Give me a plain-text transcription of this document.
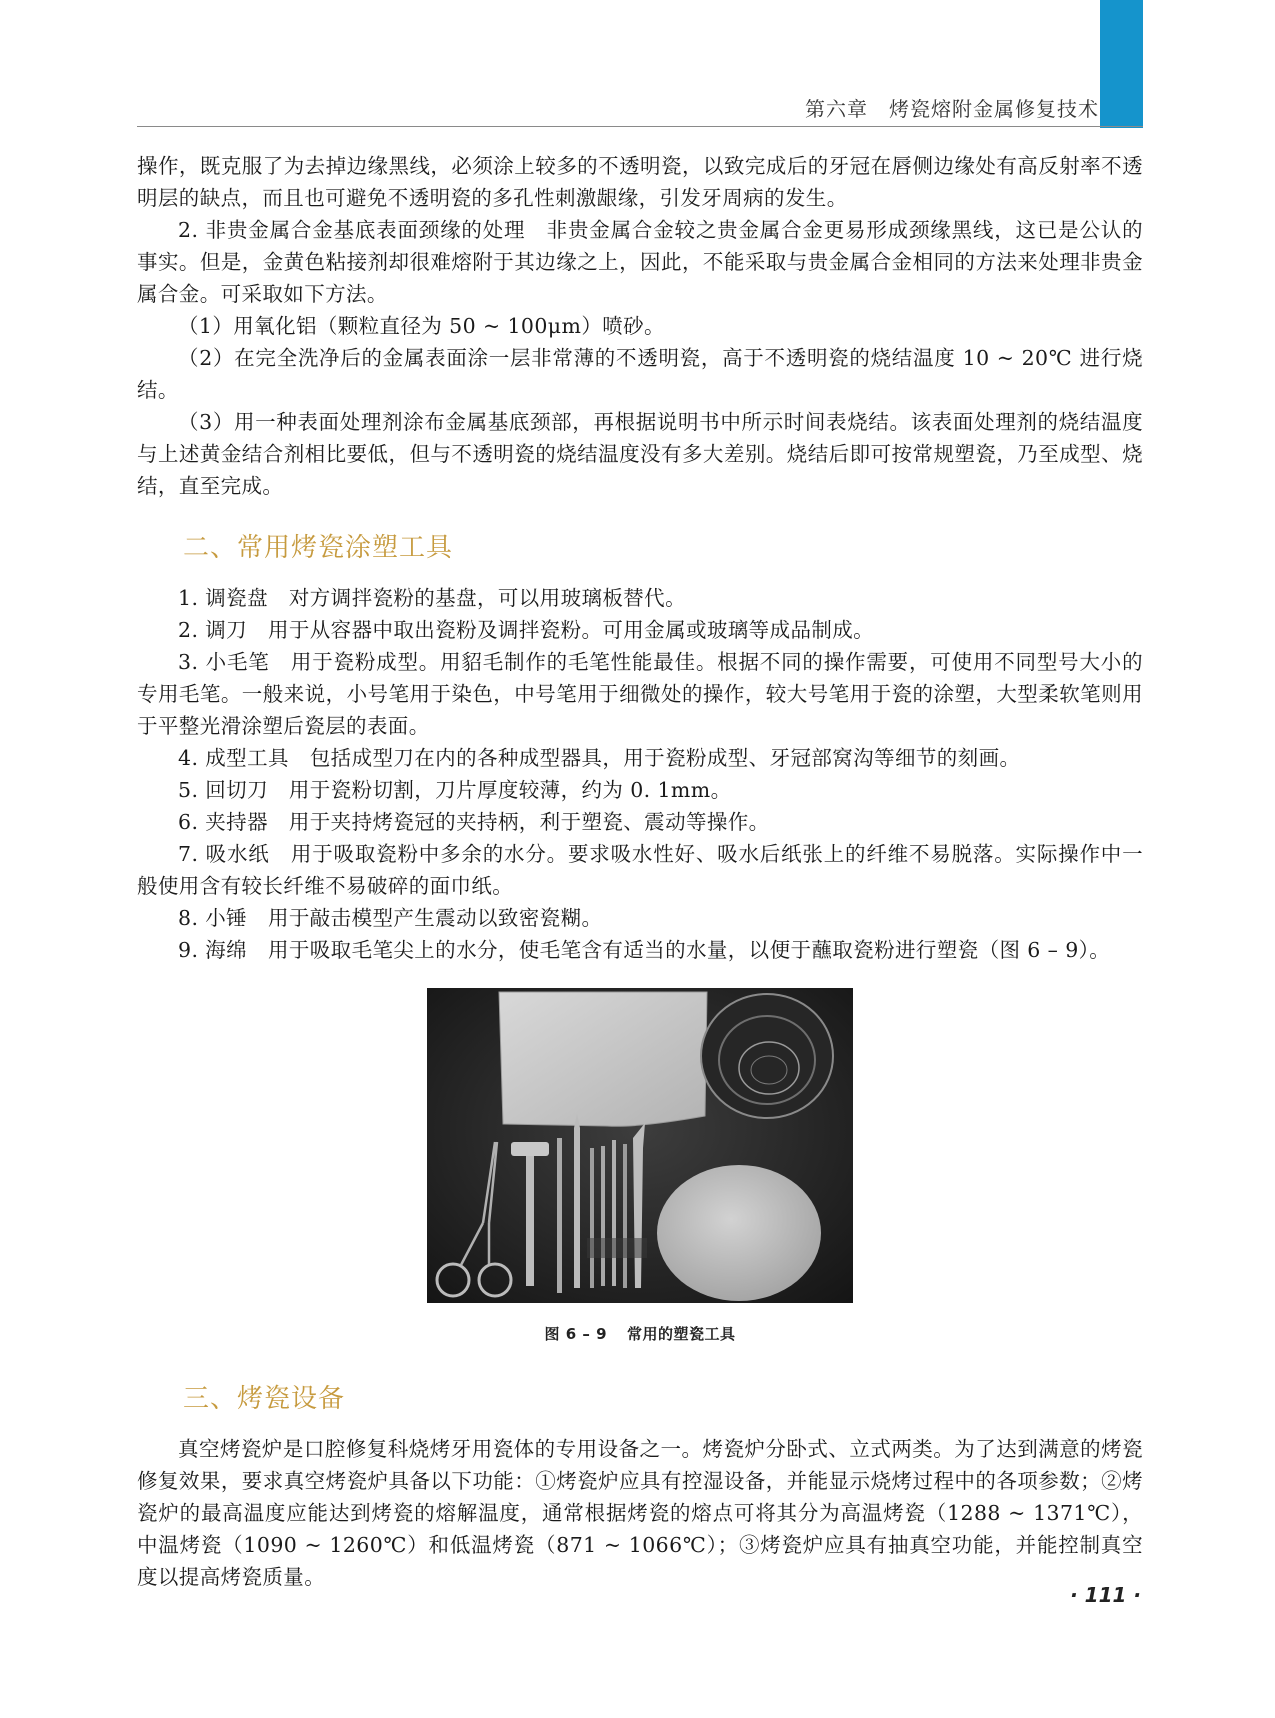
第六章　烤瓷熔附金属修复技术

操作，既克服了为去掉边缘黑线，必须涂上较多的不透明瓷，以致完成后的牙冠在唇侧边缘处有高反射率不透明层的缺点，而且也可避免不透明瓷的多孔性刺激龈缘，引发牙周病的发生。

2. 非贵金属合金基底表面颈缘的处理　非贵金属合金较之贵金属合金更易形成颈缘黑线，这已是公认的事实。但是，金黄色粘接剂却很难熔附于其边缘之上，因此，不能采取与贵金属合金相同的方法来处理非贵金属合金。可采取如下方法。

（1）用氧化铝（颗粒直径为 50 ~ 100μm）喷砂。

（2）在完全洗净后的金属表面涂一层非常薄的不透明瓷，高于不透明瓷的烧结温度 10 ~ 20℃ 进行烧结。

（3）用一种表面处理剂涂布金属基底颈部，再根据说明书中所示时间表烧结。该表面处理剂的烧结温度与上述黄金结合剂相比要低，但与不透明瓷的烧结温度没有多大差别。烧结后即可按常规塑瓷，乃至成型、烧结，直至完成。

二、常用烤瓷涂塑工具

1. 调瓷盘　对方调拌瓷粉的基盘，可以用玻璃板替代。

2. 调刀　用于从容器中取出瓷粉及调拌瓷粉。可用金属或玻璃等成品制成。

3. 小毛笔　用于瓷粉成型。用貂毛制作的毛笔性能最佳。根据不同的操作需要，可使用不同型号大小的专用毛笔。一般来说，小号笔用于染色，中号笔用于细微处的操作，较大号笔用于瓷的涂塑，大型柔软笔则用于平整光滑涂塑后瓷层的表面。

4. 成型工具　包括成型刀在内的各种成型器具，用于瓷粉成型、牙冠部窝沟等细节的刻画。

5. 回切刀　用于瓷粉切割，刀片厚度较薄，约为 0. 1mm。

6. 夹持器　用于夹持烤瓷冠的夹持柄，利于塑瓷、震动等操作。

7. 吸水纸　用于吸取瓷粉中多余的水分。要求吸水性好、吸水后纸张上的纤维不易脱落。实际操作中一般使用含有较长纤维不易破碎的面巾纸。

8. 小锤　用于敲击模型产生震动以致密瓷糊。

9. 海绵　用于吸取毛笔尖上的水分，使毛笔含有适当的水量，以便于蘸取瓷粉进行塑瓷（图 6 – 9）。

图 6 – 9 常用的塑瓷工具
三、烤瓷设备

真空烤瓷炉是口腔修复科烧烤牙用瓷体的专用设备之一。烤瓷炉分卧式、立式两类。为了达到满意的烤瓷修复效果，要求真空烤瓷炉具备以下功能：①烤瓷炉应具有控湿设备，并能显示烧烤过程中的各项参数；②烤瓷炉的最高温度应能达到烤瓷的熔解温度，通常根据烤瓷的熔点可将其分为高温烤瓷（1288 ~ 1371℃），中温烤瓷（1090 ~ 1260℃）和低温烤瓷（871 ~ 1066℃）；③烤瓷炉应具有抽真空功能，并能控制真空度以提高烤瓷质量。

· 111 ·
